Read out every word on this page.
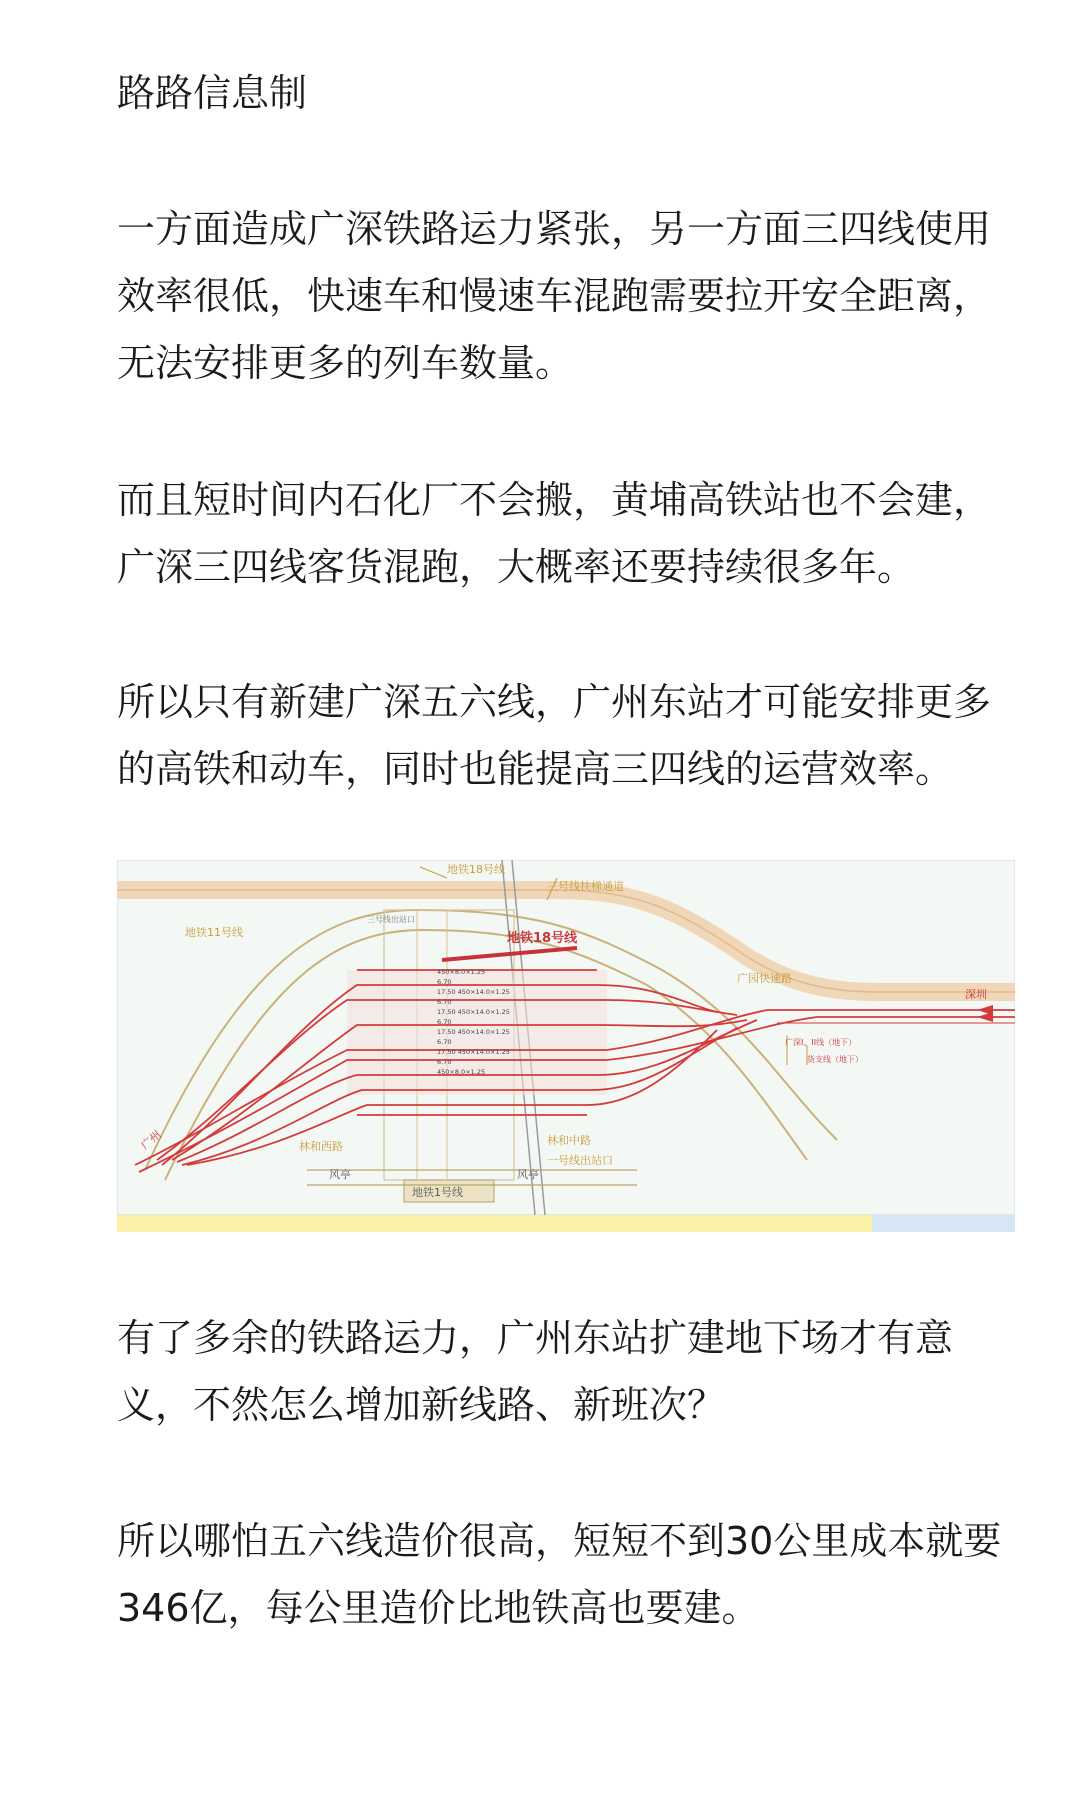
路路信息制

一方面造成广深铁路运力紧张，另一方面三四线使用效率很低，快速车和慢速车混跑需要拉开安全距离，无法安排更多的列车数量。

而且短时间内石化厂不会搬，黄埔高铁站也不会建，广深三四线客货混跑，大概率还要持续很多年。

所以只有新建广深五六线，广州东站才可能安排更多的高铁和动车，同时也能提高三四线的运营效率。

地铁18号线
三号线扶梯通道
三号线出站口
地铁18号线
地铁11号线
广园快速路
深圳
广深I、II线（地下）
货支线（地下）
广州	林和西路	林和中路
一号线出站口
风亭	风亭
地铁1号线
450×8.0×1.25
6.70
17.50 450×14.0×1.25
6.70
17.50 450×14.0×1.25
6.70
17.50 450×14.0×1.25
6.70
17.50 450×14.0×1.25
6.70
450×8.0×1.25

有了多余的铁路运力，广州东站扩建地下场才有意义，不然怎么增加新线路、新班次？

所以哪怕五六线造价很高，短短不到30公里成本就要346亿，每公里造价比地铁高也要建。
